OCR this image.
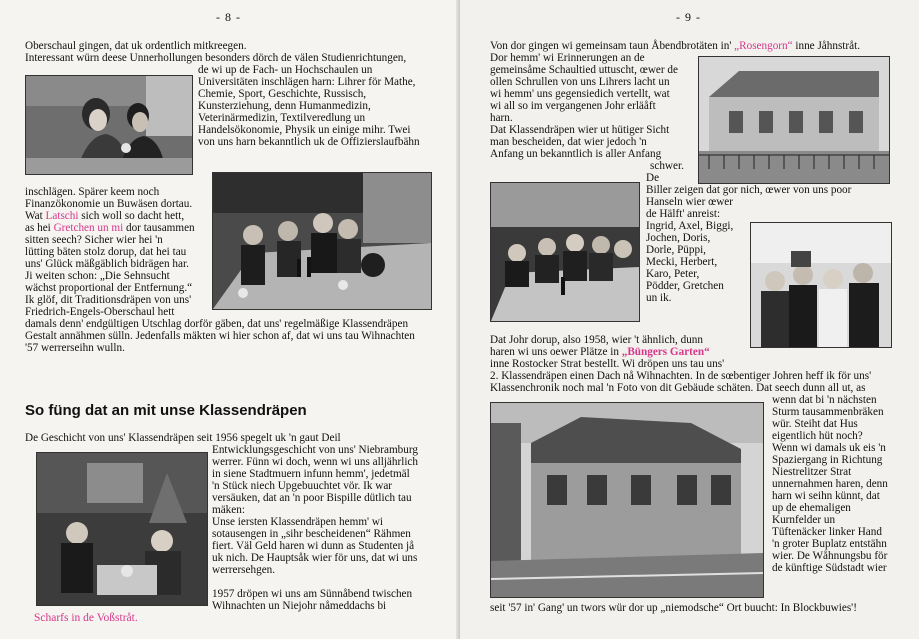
- 8 -

Oberschaul gingen, dat uk ordentlich mitkreegen.

Interessant würn deese Unnerhollungen besonders dörch de välen Studienrichtungen,

de wi up de Fach- un Hochschaulen un

Universitäten inschlägen harn: Lihrer för Mathe,

Chemie, Sport, Geschichte, Russisch,

Kunsterziehung, denn Humanmedizin,

Veterinärmedizin, Textilveredlung un

Handelsökonomie, Physik un einige mihr. Twei

von uns harn bekanntlich uk de Offizierslaufbähn

inschlägen. Spärer keem noch

Finanzökonomie un Buwäsen dortau.

Wat Latschi sich woll so dacht hett,

as hei Gretchen un mi dor tausammen

sitten seech? Sicher wier hei 'n

lütting bäten stolz dorup, dat hei tau

uns' Glück mäßgäblich bidrägen har.

Ji weiten schon: „Die Sehnsucht

wächst proportional der Entfernung.“

Ik glöf, dit Traditionsdräpen von uns'

Friedrich-Engels-Oberschaul hett

damals denn' endgültigen Utschlag dorför gäben, dat uns' regelmäßige Klassendräpen

Gestalt annähmen sülln. Jedenfalls mäkten wi hier schon af, dat wi uns tau Wihnachten

'57 werrerseihn wulln.

So füng dat an mit unse Klassendräpen

De Geschicht von uns' Klassendräpen seit 1956 spegelt uk 'n gaut Deil

Scharfs in de Voßstråt.

Entwicklungsgeschicht von uns' Niebramburg

werrer. Fünn wi doch, wenn wi uns alljährlich

in siene Stadtmuern infunn hemm', jedetmäl

'n Stück niech Upgebuuchtet vör. Ik war

versäuken, dat an 'n poor Bispille dütlich tau

mäken:

Unse iersten Klassendräpen hemm' wi

sotausengen in „sihr bescheidenen“ Rähmen

fiert. Väl Geld haren wi dunn as Studenten jå

uk nich. De Hauptsåk wier för uns, dat wi uns

werrersehgen.

1957 dröpen wi uns am Sünnåbend twischen

Wihnachten un Niejohr nåmeddachs bi

- 9 -

Von dor gingen wi gemeinsam taun Åbendbrotäten in' „Rosengorn“ inne Jåhnstråt.

Dor hemm' wi Erinnerungen an de

gemeinsåme Schaultied uttuscht, œwer de

ollen Schrullen von uns Lihrers lacht un

wi hemm' uns gegensiedich vertellt, wat

wi all so im vergangenen Johr erläåft

harn.

Dat Klassendräpen wier ut hütiger Sicht

man bescheiden, dat wier jedoch 'n

Anfang un bekanntlich is aller Anfang

schwer.

De

Biller zeigen dat gor nich, œwer von uns poor

Hanseln wier œwer

de Hälft' anreist:

Ingrid, Axel, Biggi,

Jochen, Doris,

Dorle, Püppi,

Mecki, Herbert,

Karo, Peter,

Pödder, Gretchen

un ik.

Dat Johr dorup, also 1958, wier 't ähnlich, dunn

haren wi uns oewer Plätze in „Büngers Garten“

inne Rostocker Strat bestellt. Wi dröpen uns tau uns'

2. Klassendräpen einen Dach nå Wihnachten. In de sœbentiger Johren heff ik för uns'

Klassenchronik noch mal 'n Foto von dit Gebäude schäten. Dat seech dunn all ut, as

wenn dat bi 'n nächsten

Sturm tausammenbräken

wür. Steiht dat Hus

eigentlich hüt noch?

Wenn wi damals uk eis 'n

Spaziergang in Richtung

Niestrelitzer Strat

unnernahmen haren, denn

harn wi seihn künnt, dat

up de ehemaligen

Kurnfelder un

Tüftenäcker linker Hand

'n groter Buplatz entstähn

wier. De Wåhnungsbu för

de künftige Südstadt wier

seit '57 in' Gang' un twors wür dor up „niemodsche“ Ort buucht: In Blockbuwies'!
